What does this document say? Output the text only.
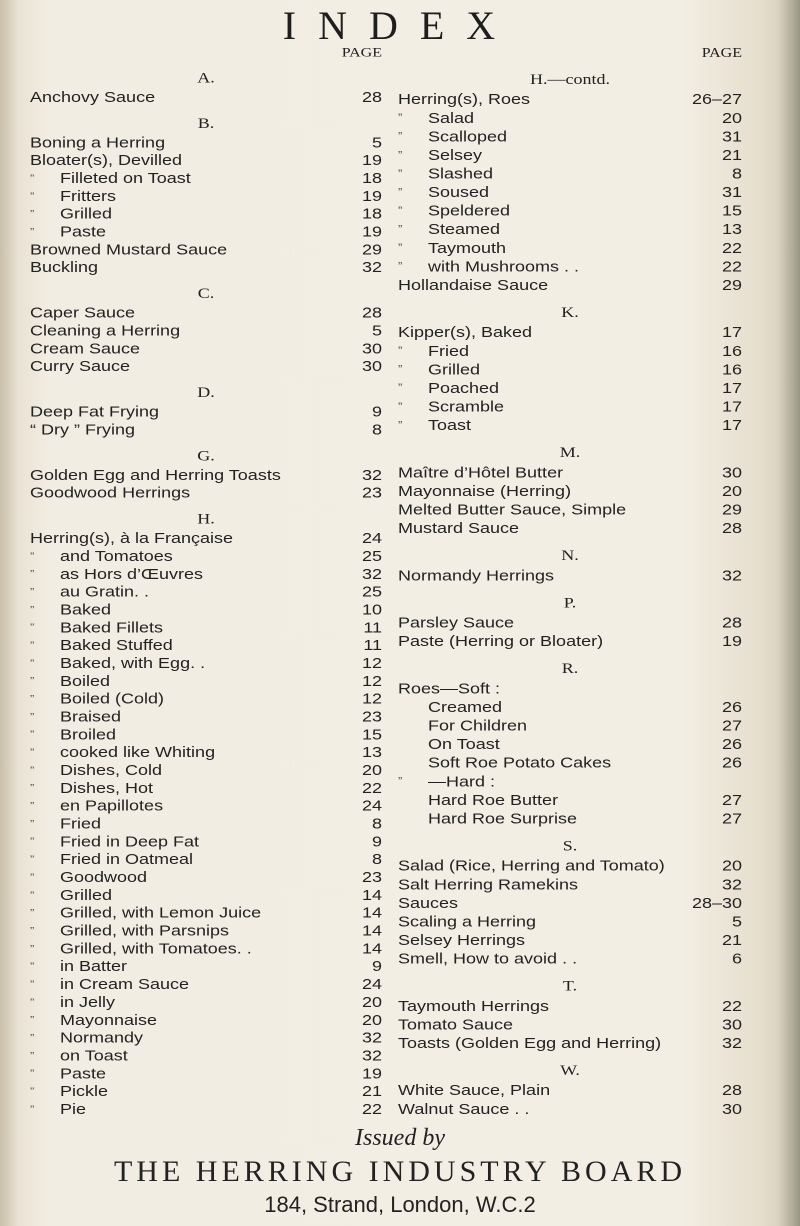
INDEX
PAGE
A.
Anchovy Sauce	28
B.
Boning a Herring	5
Bloater(s), Devilled	19
” Filleted on Toast	18
” Fritters	19
” Grilled	18
” Paste	19
Browned Mustard Sauce	29
Buckling	32
C.
Caper Sauce	28
Cleaning a Herring	5
Cream Sauce	30
Curry Sauce	30
D.
Deep Fat Frying	9
“ Dry ” Frying	8
G.
Golden Egg and Herring Toasts	32
Goodwood Herrings	23
H.
Herring(s), à la Française	24
” and Tomatoes	25
” as Hors d’Œuvres	32
” au Gratin. .	25
” Baked	10
” Baked Fillets	11
” Baked Stuffed	11
” Baked, with Egg. .	12
” Boiled	12
” Boiled (Cold)	12
” Braised	23
” Broiled	15
” cooked like Whiting	13
” Dishes, Cold	20
” Dishes, Hot	22
” en Papillotes	24
” Fried	8
” Fried in Deep Fat	9
” Fried in Oatmeal	8
” Goodwood	23
” Grilled	14
” Grilled, with Lemon Juice	14
” Grilled, with Parsnips	14
” Grilled, with Tomatoes. .	14
” in Batter	9
” in Cream Sauce	24
” in Jelly	20
” Mayonnaise	20
” Normandy	32
” on Toast	32
” Paste	19
” Pickle	21
” Pie	22
PAGE
H.—contd.
Herring(s), Roes	26–27
” Salad	20
” Scalloped	31
” Selsey	21
” Slashed	8
” Soused	31
” Speldered	15
” Steamed	13
” Taymouth	22
” with Mushrooms . .	22
Hollandaise Sauce	29
K.
Kipper(s), Baked	17
” Fried	16
” Grilled	16
” Poached	17
” Scramble	17
” Toast	17
M.
Maître d’Hôtel Butter	30
Mayonnaise (Herring)	20
Melted Butter Sauce, Simple	29
Mustard Sauce	28
N.
Normandy Herrings	32
P.
Parsley Sauce	28
Paste (Herring or Bloater)	19
R.
Roes—Soft :
Creamed	26
For Children	27
On Toast	26
Soft Roe Potato Cakes	26
” —Hard :
Hard Roe Butter	27
Hard Roe Surprise	27
S.
Salad (Rice, Herring and Tomato)	20
Salt Herring Ramekins	32
Sauces	28–30
Scaling a Herring	5
Selsey Herrings	21
Smell, How to avoid . .	6
T.
Taymouth Herrings	22
Tomato Sauce	30
Toasts (Golden Egg and Herring)	32
W.
White Sauce, Plain	28
Walnut Sauce . .	30
Issued by
THE HERRING INDUSTRY BOARD
184, Strand, London, W.C.2
